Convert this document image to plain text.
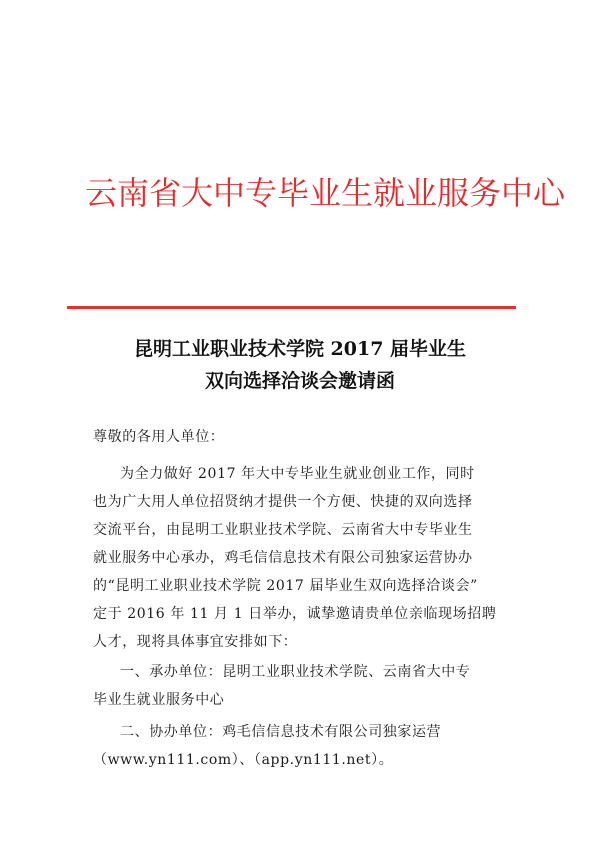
云南省大中专毕业生就业服务中心
昆明工业职业技术学院 2017 届毕业生
双向选择洽谈会邀请函
尊敬的各用人单位：
为全力做好 2017 年大中专毕业生就业创业工作，同时
也为广大用人单位招贤纳才提供一个方便、快捷的双向选择
交流平台，由昆明工业职业技术学院、云南省大中专毕业生
就业服务中心承办，鸡毛信信息技术有限公司独家运营协办
的“昆明工业职业技术学院 2017 届毕业生双向选择洽谈会”
定于 2016 年 11 月 1 日举办，诚挚邀请贵单位亲临现场招聘
人才，现将具体事宜安排如下：
一、承办单位：昆明工业职业技术学院、云南省大中专
毕业生就业服务中心
二、协办单位：鸡毛信信息技术有限公司独家运营
（www.yn111.com）、（app.yn111.net）。
